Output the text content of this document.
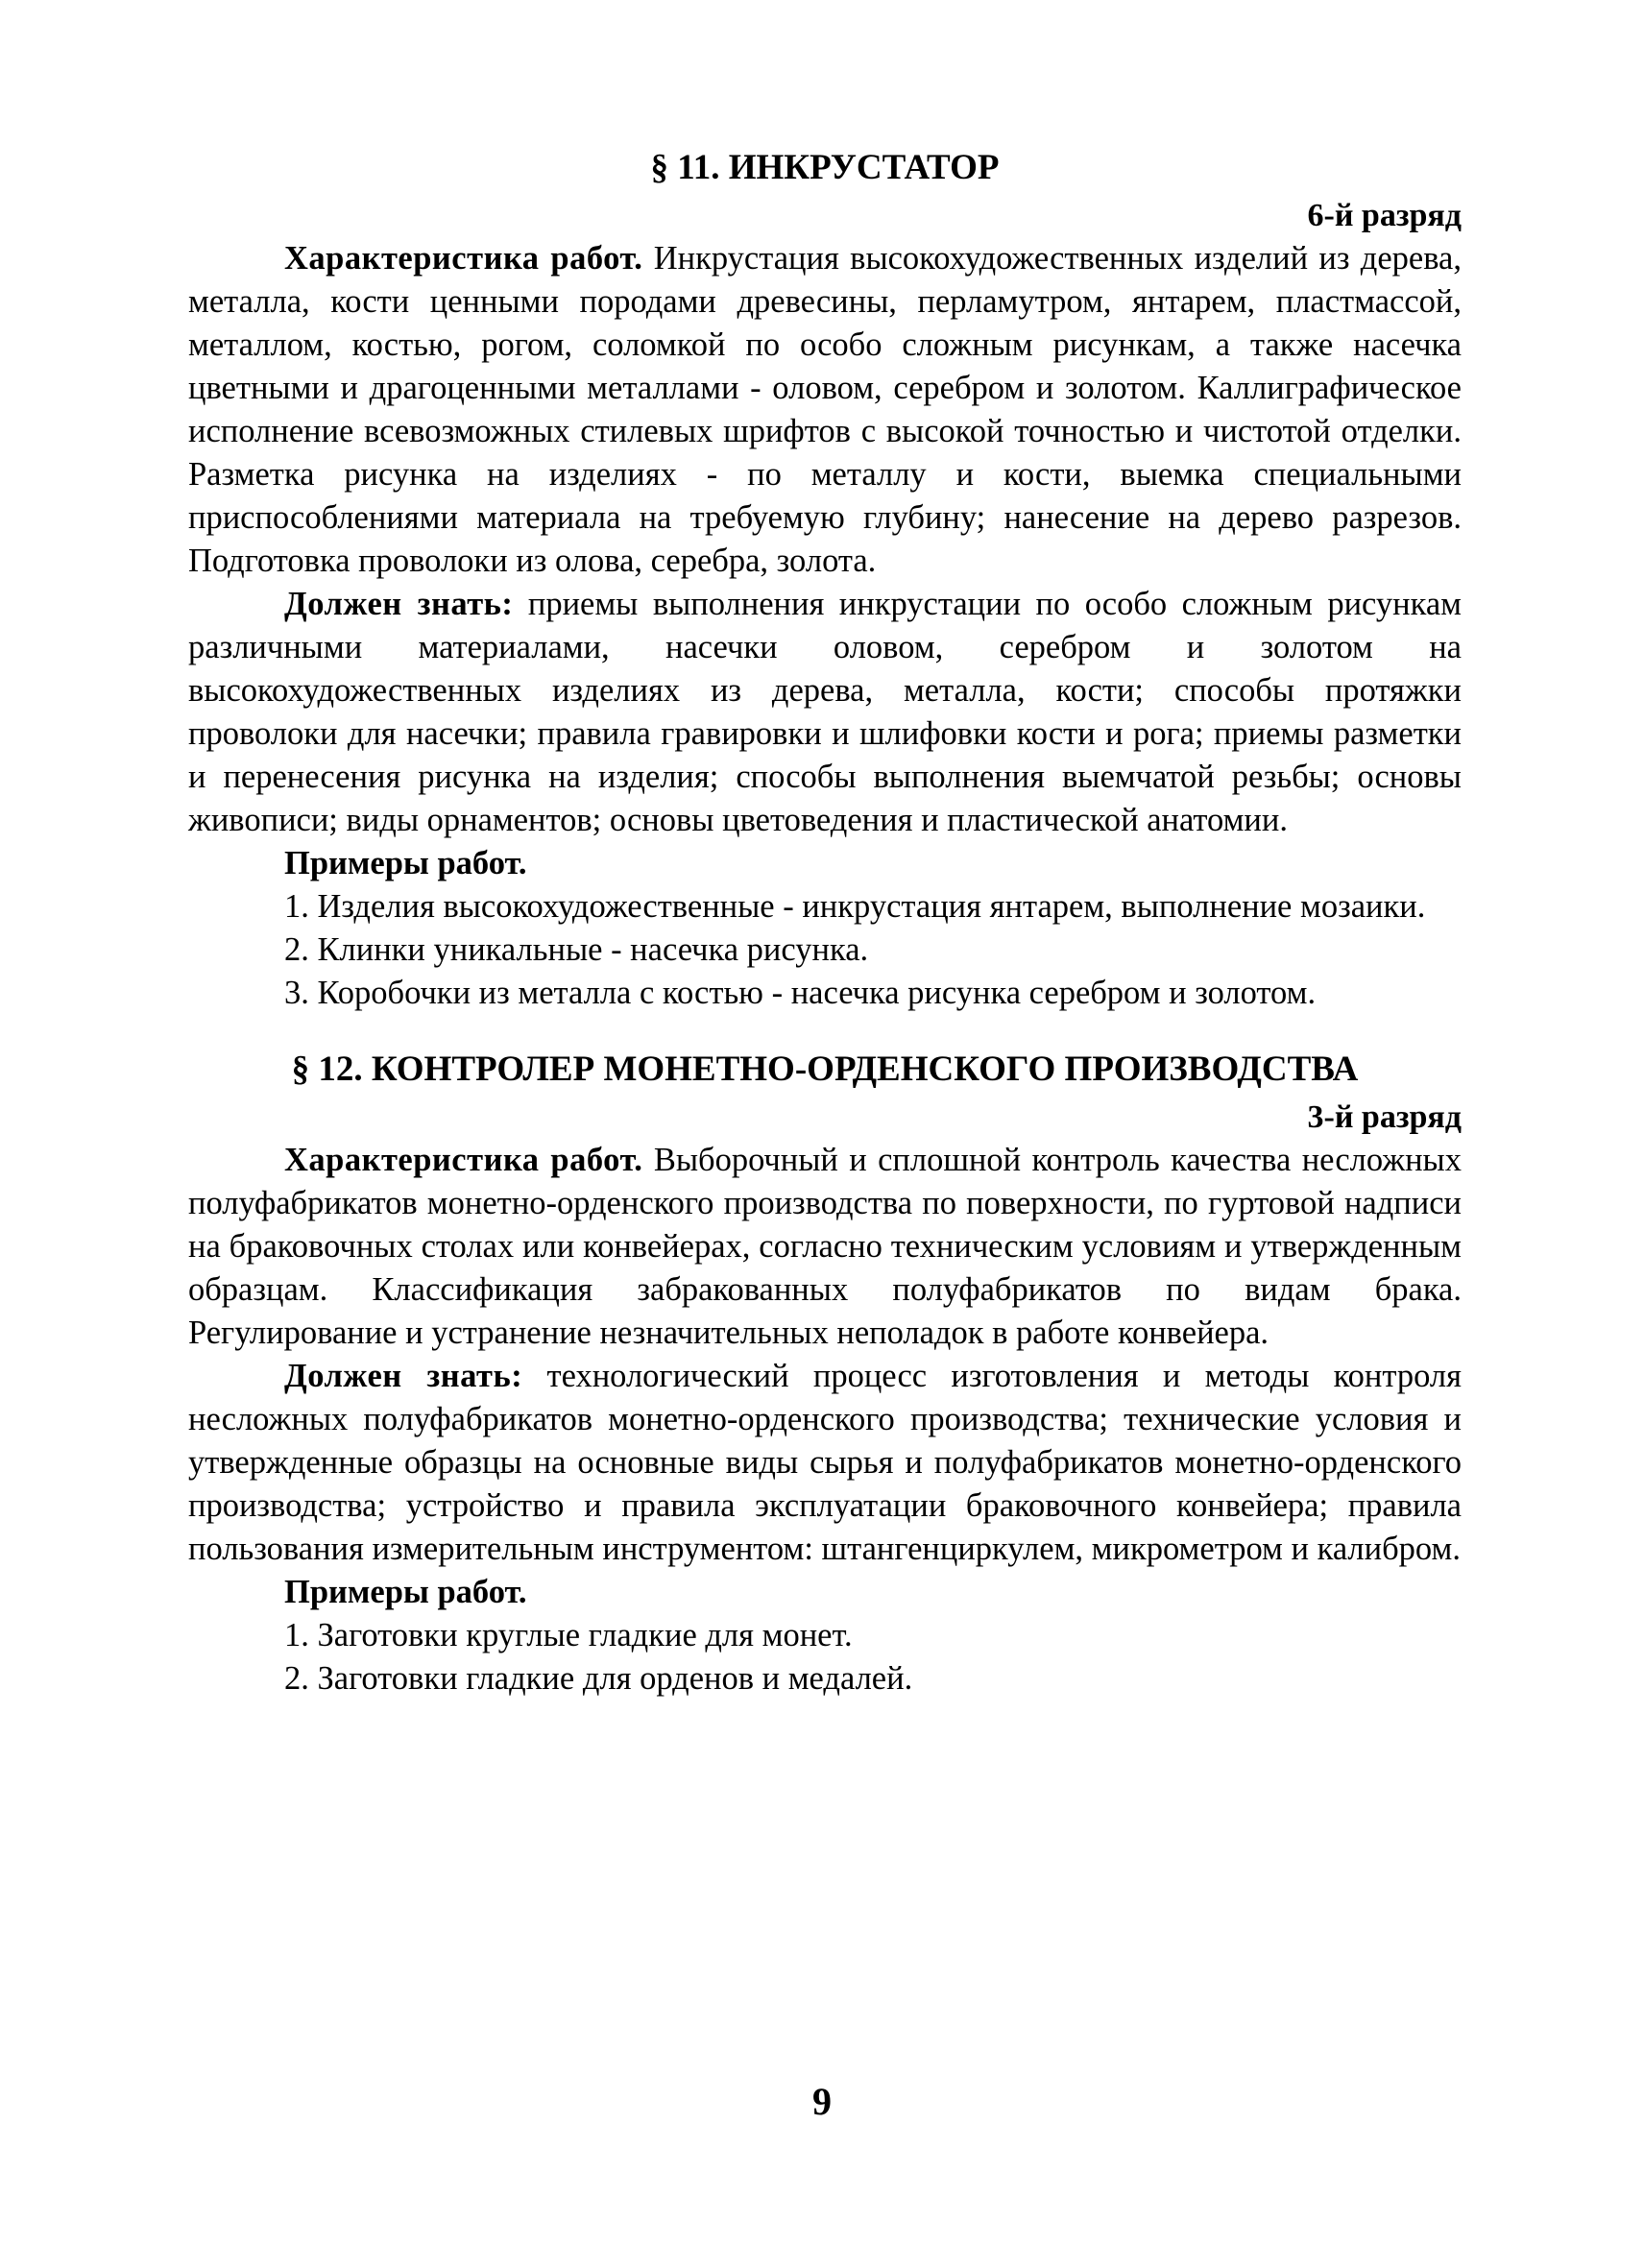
§ 11. ИНКРУСТАТОР
6-й разряд

Характеристика работ. Инкрустация высокохудожественных изделий из дерева, металла, кости ценными породами древесины, перламутром, янтарем, пластмассой, металлом, костью, рогом, соломкой по особо сложным рисункам, а также насечка цветными и драгоценными металлами - оловом, серебром и золотом. Каллиграфическое исполнение всевозможных стилевых шрифтов с высокой точностью и чистотой отделки. Разметка рисунка на изделиях - по металлу и кости, выемка специальными приспособлениями материала на требуемую глубину; нанесение на дерево разрезов. Подготовка проволоки из олова, серебра, золота.

Должен знать: приемы выполнения инкрустации по особо сложным рисункам различными материалами, насечки оловом, серебром и золотом на высокохудожественных изделиях из дерева, металла, кости; способы протяжки проволоки для насечки; правила гравировки и шлифовки кости и рога; приемы разметки и перенесения рисунка на изделия; способы выполнения выемчатой резьбы; основы живописи; виды орнаментов; основы цветоведения и пластической анатомии.

Примеры работ.

1. Изделия высокохудожественные - инкрустация янтарем, выполнение мозаики.

2. Клинки уникальные - насечка рисунка.

3. Коробочки из металла с костью - насечка рисунка серебром и золотом.

§ 12. КОНТРОЛЕР МОНЕТНО-ОРДЕНСКОГО ПРОИЗВОДСТВА
3-й разряд

Характеристика работ. Выборочный и сплошной контроль качества несложных полуфабрикатов монетно-орденского производства по поверхности, по гуртовой надписи на браковочных столах или конвейерах, согласно техническим условиям и утвержденным образцам. Классификация забракованных полуфабрикатов по видам брака. Регулирование и устранение незначительных неполадок в работе конвейера.

Должен знать: технологический процесс изготовления и методы контроля несложных полуфабрикатов монетно-орденского производства; технические условия и утвержденные образцы на основные виды сырья и полуфабрикатов монетно-орденского производства; устройство и правила эксплуатации браковочного конвейера; правила пользования измерительным инструментом: штангенциркулем, микрометром и калибром.

Примеры работ.

1. Заготовки круглые гладкие для монет.

2. Заготовки гладкие для орденов и медалей.

9
